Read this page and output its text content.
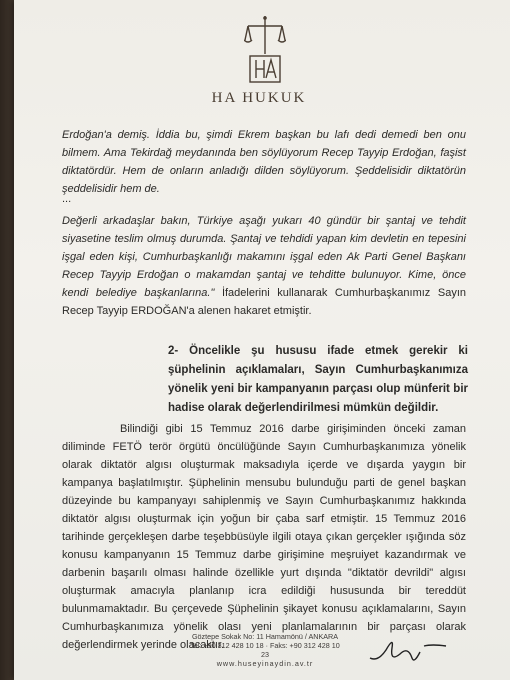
HA HUKUK
Erdoğan'a demiş. İddia bu, şimdi Ekrem başkan bu lafı dedi demedi ben onu bilmem. Ama Tekirdağ meydanında ben söylüyorum Recep Tayyip Erdoğan, faşist diktatördür. Hem de onların anladığı dilden söylüyorum. Şeddelisidir diktatörün şeddelisidir hem de.
...
Değerli arkadaşlar bakın, Türkiye aşağı yukarı 40 gündür bir şantaj ve tehdit siyasetine teslim olmuş durumda. Şantaj ve tehdidi yapan kim devletin en tepesini işgal eden kişi, Cumhurbaşkanlığı makamını işgal eden Ak Parti Genel Başkanı Recep Tayyip Erdoğan o makamdan şantaj ve tehditte bulunuyor. Kime, önce kendi belediye başkanlarına." İfadelerini kullanarak Cumhurbaşkanımız Sayın Recep Tayyip ERDOĞAN'a alenen hakaret etmiştir.
2- Öncelikle şu hususu ifade etmek gerekir ki şüphelinin açıklamaları, Sayın Cumhurbaşkanımıza yönelik yeni bir kampanyanın parçası olup münferit bir hadise olarak değerlendirilmesi mümkün değildir.
Bilindiği gibi 15 Temmuz 2016 darbe girişiminden önceki zaman diliminde FETÖ terör örgütü öncülüğünde Sayın Cumhurbaşkanımıza yönelik olarak diktatör algısı oluşturmak maksadıyla içerde ve dışarda yaygın bir kampanya başlatılmıştır. Şüphelinin mensubu bulunduğu parti de genel başkan düzeyinde bu kampanyayı sahiplenmiş ve Sayın Cumhurbaşkanımız hakkında diktatör algısı oluşturmak için yoğun bir çaba sarf etmiştir. 15 Temmuz 2016 tarihinde gerçekleşen darbe teşebbüsüyle ilgili otaya çıkan gerçekler ışığında söz konusu kampanyanın 15 Temmuz darbe girişimine meşruiyet kazandırmak ve darbenin başarılı olması halinde özellikle yurt dışında "diktatör devrildi" algısı oluşturmak amacıyla planlanıp icra edildiği hususunda bir tereddüt bulunmamaktadır. Bu çerçevede Şüphelinin şikayet konusu açıklamalarını, Sayın Cumhurbaşkanımıza yönelik olası yeni planlamalarının bir parçası olarak değerlendirmek yerinde olacaktır.
Göztepe Sokak No: 11 Hamamönü / ANKARA
Tel: +90 312 428 10 18 · Faks: +90 312 428 10 23
www.huseyinaydin.av.tr
